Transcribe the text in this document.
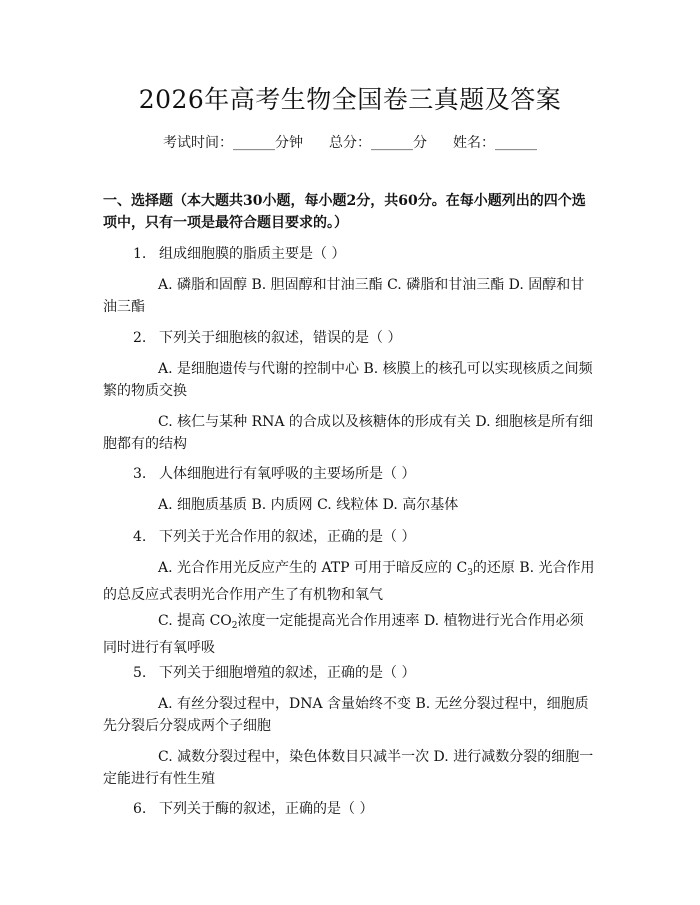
2026年高考生物全国卷三真题及答案
考试时间：______分钟 总分：______分 姓名：______
一、选择题（本大题共30小题，每小题2分，共60分。在每小题列出的四个选项中，只有一项是最符合题目要求的。）
1. 组成细胞膜的脂质主要是（ ）
A. 磷脂和固醇 B. 胆固醇和甘油三酯 C. 磷脂和甘油三酯 D. 固醇和甘油三酯
2. 下列关于细胞核的叙述，错误的是（ ）
A. 是细胞遗传与代谢的控制中心 B. 核膜上的核孔可以实现核质之间频繁的物质交换
C. 核仁与某种 RNA 的合成以及核糖体的形成有关 D. 细胞核是所有细胞都有的结构
3. 人体细胞进行有氧呼吸的主要场所是（ ）
A. 细胞质基质 B. 内质网 C. 线粒体 D. 高尔基体
4. 下列关于光合作用的叙述，正确的是（ ）
A. 光合作用光反应产生的 ATP 可用于暗反应的 $C_3$的还原 B. 光合作用的总反应式表明光合作用产生了有机物和氧气
C. 提高 $CO_2$浓度一定能提高光合作用速率 D. 植物进行光合作用必须同时进行有氧呼吸
5. 下列关于细胞增殖的叙述，正确的是（ ）
A. 有丝分裂过程中，DNA 含量始终不变 B. 无丝分裂过程中，细胞质先分裂后分裂成两个子细胞
C. 减数分裂过程中，染色体数目只减半一次 D. 进行减数分裂的细胞一定能进行有性生殖
6. 下列关于酶的叙述，正确的是（ ）
